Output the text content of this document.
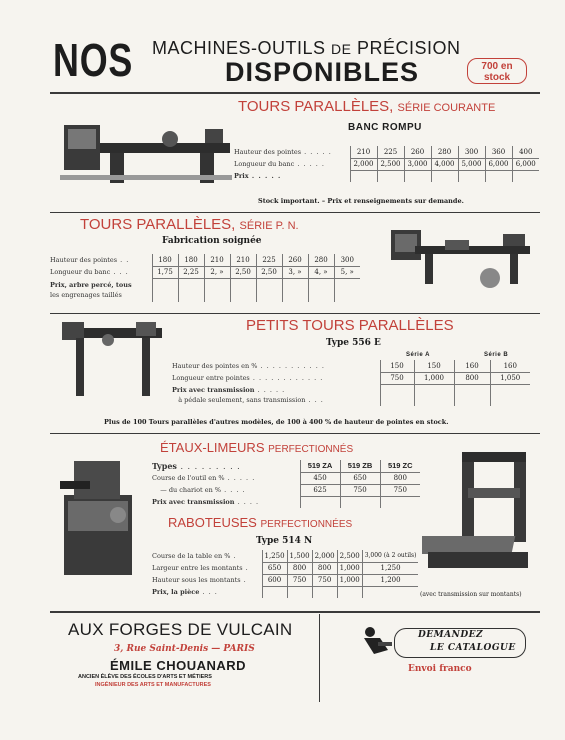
NOS MACHINES-OUTILS DE PRÉCISION
DISPONIBLES	700 en
stock
TOURS PARALLÈLES, SÉRIE COURANTE
BANC ROMPU
Hauteur des pointes . . . . .	210	225	260	280	300	360	400
Longueur du banc . . . . .	2,000	2,500	3,000	4,000	5,000	6,000	6,000
Prix . . . . .							
Stock important. – Prix et renseignements sur demande.
TOURS PARALLÈLES, SÉRIE P. N.
Fabrication soignée
Hauteur des pointes . .	180	180	210	210	225	260	280	300
Longueur du banc . . .	1,75	2,25	2, »	2,50	2,50	3, »	4, »	5, »
Prix, arbre percé, tous
les engrenages taillés								
PETITS TOURS PARALLÈLES
Type 556 E
Série A	Série B
Hauteur des pointes en % . . . . . . . . . . .	150	150	160	160
Longueur entre pointes . . . . . . . . . . . .	750	1,000	800	1,050
Prix avec transmission . . . . .
à pédale seulement, sans transmission . . .				
Plus de 100 Tours parallèles d'autres modèles, de 100 à 400 % de hauteur de pointes en stock.
ÉTAUX-LIMEURS PERFECTIONNÉS
Types . . . . . . . . .	519 ZA	519 ZB	519 ZC
Course de l'outil en % . . . . .	450	650	800
— du chariot en % . . . .	625	750	750
Prix avec transmission . . . .			
RABOTEUSES PERFECTIONNÉES
Type 514 N
Course de la table en % .	1,250	1,500	2,000	2,500	3,000 (à 2 outils)
Largeur entre les montants .	650	800	800	1,000	1,250
Hauteur sous les montants .	600	750	750	1,000	1,200
Prix, la pièce . . .						(avec transmission sur montants)
AUX FORGES DE VULCAIN
3, Rue Saint-Denis — PARIS
ÉMILE CHOUANARD
ANCIEN ÉLÈVE DES ÉCOLES D'ARTS ET MÉTIERS
INGÉNIEUR DES ARTS ET MANUFACTURES
DEMANDEZ
LE CATALOGUE
Envoi franco
